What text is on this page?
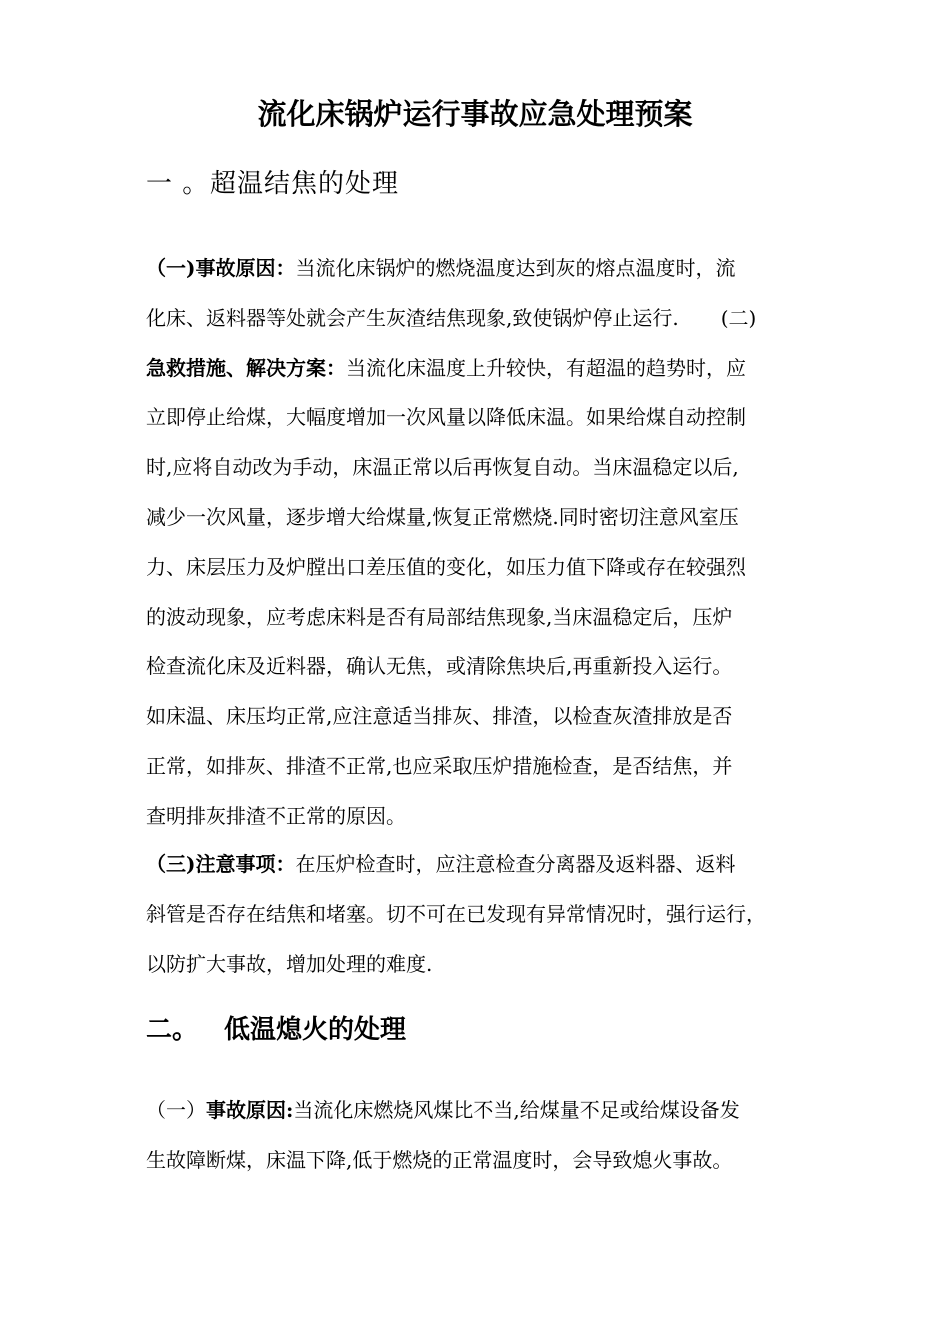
流化床锅炉运行事故应急处理预案
一 。超温结焦的处理
（一)事故原因：当流化床锅炉的燃烧温度达到灰的熔点温度时，流
化床、返料器等处就会产生灰渣结焦现象,致使锅炉停止运行. (二)
急救措施、解决方案：当流化床温度上升较快，有超温的趋势时，应
立即停止给煤，大幅度增加一次风量以降低床温。如果给煤自动控制
时,应将自动改为手动，床温正常以后再恢复自动。当床温稳定以后,
减少一次风量，逐步增大给煤量,恢复正常燃烧.同时密切注意风室压
力、床层压力及炉膛出口差压值的变化，如压力值下降或存在较强烈
的波动现象，应考虑床料是否有局部结焦现象,当床温稳定后，压炉
检查流化床及近料器，确认无焦，或清除焦块后,再重新投入运行。
如床温、床压均正常,应注意适当排灰、排渣，以检查灰渣排放是否
正常，如排灰、排渣不正常,也应采取压炉措施检查，是否结焦，并
查明排灰排渣不正常的原因。
（三)注意事项：在压炉检查时，应注意检查分离器及返料器、返料
斜管是否存在结焦和堵塞。切不可在已发现有异常情况时，强行运行，
以防扩大事故，增加处理的难度.
二。 低温熄火的处理
（一）事故原因:当流化床燃烧风煤比不当,给煤量不足或给煤设备发
生故障断煤，床温下降,低于燃烧的正常温度时，会导致熄火事故。
